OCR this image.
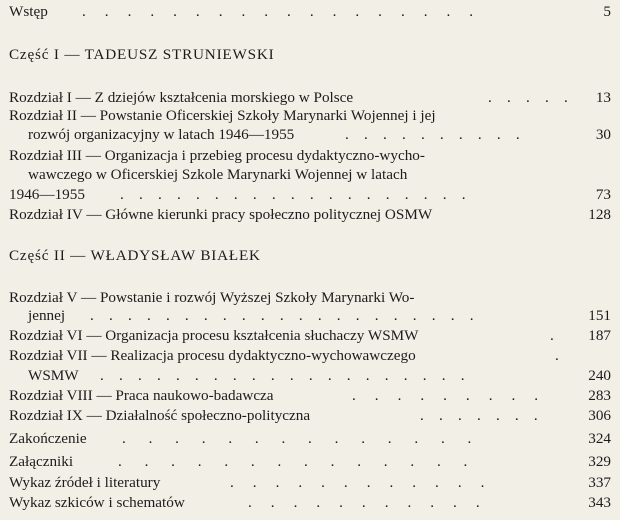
Wstęp .     .     .     .     .     .     .     .     .     .     .     .     .     .     .     .     .     .	5
Część I — TADEUSZ STRUNIEWSKI
Rozdział I — Z dziejów kształcenia morskiego w Polsce	.    .    .    .    .	13
Rozdział II — Powstanie Oficerskiej Szkoły Marynarki Wojennej i jej
rozwój organizacyjny w latach 1946—1955	.    .    .    .    .    .    .    .    .    .	30
Rozdział III — Organizacja i przebieg procesu dydaktyczno-wycho-
wawczego w Oficerskiej Szkole Marynarki Wojennej w latach
1946—1955 .    .    .    .    .    .    .    .    .    .    .    .    .    .    .    .    .    .    .	73
Rozdział IV — Główne kierunki pracy społeczno politycznej OSMW	128
Część II — WŁADYSŁAW BIAŁEK
Rozdział V — Powstanie i rozwój Wyższej Szkoły Marynarki Wo-
jennej .    .    .    .    .    .    .    .    .    .    .    .    .    .    .    .    .    .    .    .    .	151
Rozdział VI — Organizacja procesu kształcenia słuchaczy WSMW	.	187
Rozdział VII — Realizacja procesu dydaktyczno-wychowawczego	.
WSMW .    .    .    .    .    .    .    .    .    .    .    .    .    .    .    .    .    .    .    .	240
Rozdział VIII — Praca naukowo-badawcza	.     .     .     .     .     .     .     .     .	283
Rozdział IX — Działalność społeczno-polityczna	.    .    .    .    .    .    .	306
Zakończenie .      .      .      .      .      .      .      .      .      .      .      .      .      .	324
Załączniki	.      .      .      .      .      .      .      .      .      .      .      .      .      .	329
Wykaz źródeł i literatury	.     .     .     .     .     .     .     .     .     .     .     .	337
Wykaz szkiców i schematów	.     .     .     .     .     .     .     .     .     .     .	343
